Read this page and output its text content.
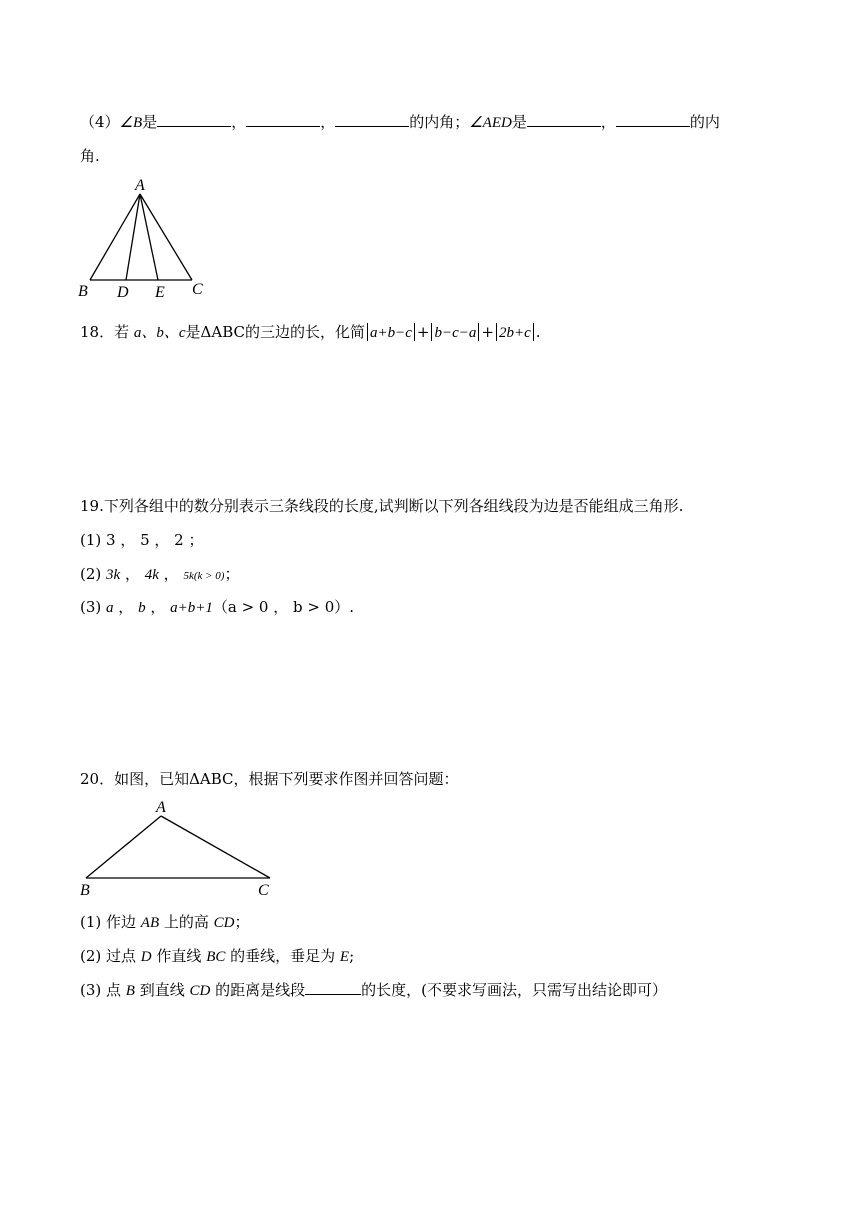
（4）∠B是	，	，	的内角；∠AED是	，	的内
角.
A
B D E C
18．若 a、b、c是ΔABC的三边的长，化简 a+b−c + b−c−a + 2b+c .
19.下列各组中的数分别表示三条线段的长度,试判断以下列各组线段为边是否能组成三角形.
(1) 3 ， 5 ， 2 ；
(2) 3k ， 4k ， 5k(k > 0)；
(3) a ， b ， a+b+1（a > 0 ， b > 0）.
20．如图，已知ΔABC，根据下列要求作图并回答问题：
A
B	C
(1) 作边 AB 上的高 CD；
(2) 过点 D 作直线 BC 的垂线，垂足为 E;
(3) 点 B 到直线 CD 的距离是线段	的长度，(不要求写画法，只需写出结论即可）
